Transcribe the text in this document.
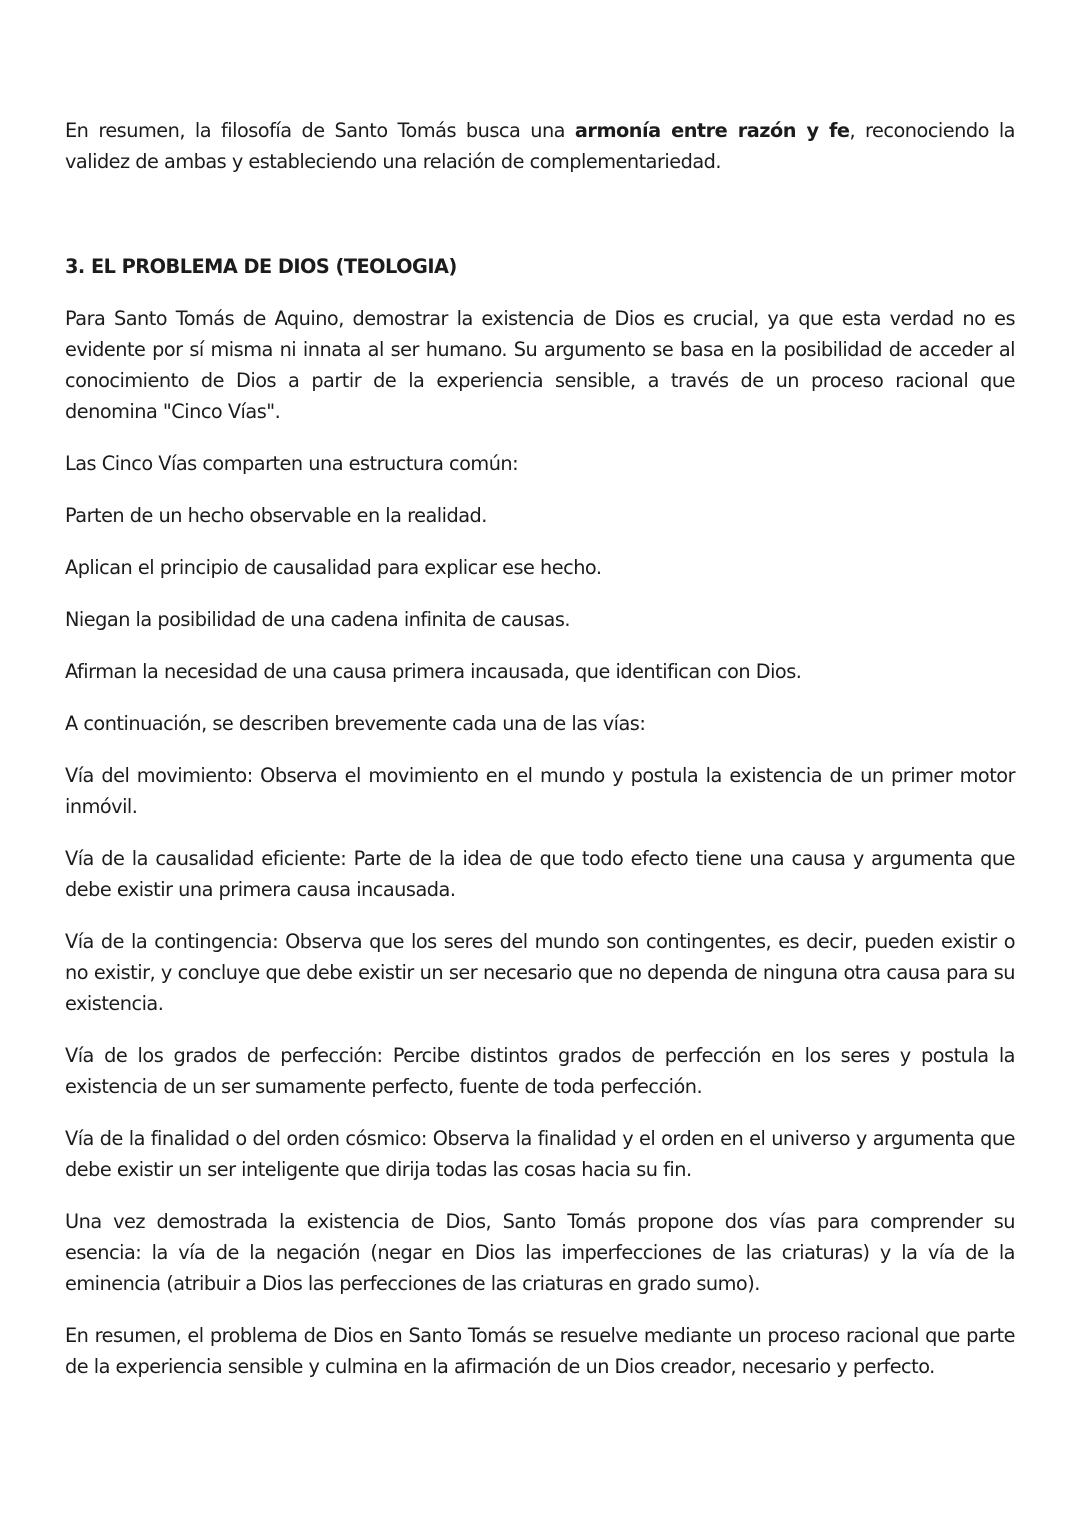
En resumen, la filosofía de Santo Tomás busca una armonía entre razón y fe, reconociendo la validez de ambas y estableciendo una relación de complementariedad.

3. EL PROBLEMA DE DIOS (TEOLOGIA)

Para Santo Tomás de Aquino, demostrar la existencia de Dios es crucial, ya que esta verdad no es evidente por sí misma ni innata al ser humano. Su argumento se basa en la posibilidad de acceder al conocimiento de Dios a partir de la experiencia sensible, a través de un proceso racional que denomina "Cinco Vías".

Las Cinco Vías comparten una estructura común:

Parten de un hecho observable en la realidad.

Aplican el principio de causalidad para explicar ese hecho.

Niegan la posibilidad de una cadena infinita de causas.

Afirman la necesidad de una causa primera incausada, que identifican con Dios.

A continuación, se describen brevemente cada una de las vías:

Vía del movimiento: Observa el movimiento en el mundo y postula la existencia de un primer motor inmóvil.

Vía de la causalidad eficiente: Parte de la idea de que todo efecto tiene una causa y argumenta que debe existir una primera causa incausada.

Vía de la contingencia: Observa que los seres del mundo son contingentes, es decir, pueden existir o no existir, y concluye que debe existir un ser necesario que no dependa de ninguna otra causa para su existencia.

Vía de los grados de perfección: Percibe distintos grados de perfección en los seres y postula la existencia de un ser sumamente perfecto, fuente de toda perfección.

Vía de la finalidad o del orden cósmico: Observa la finalidad y el orden en el universo y argumenta que debe existir un ser inteligente que dirija todas las cosas hacia su fin.

Una vez demostrada la existencia de Dios, Santo Tomás propone dos vías para comprender su esencia: la vía de la negación (negar en Dios las imperfecciones de las criaturas) y la vía de la eminencia (atribuir a Dios las perfecciones de las criaturas en grado sumo).

En resumen, el problema de Dios en Santo Tomás se resuelve mediante un proceso racional que parte de la experiencia sensible y culmina en la afirmación de un Dios creador, necesario y perfecto.
